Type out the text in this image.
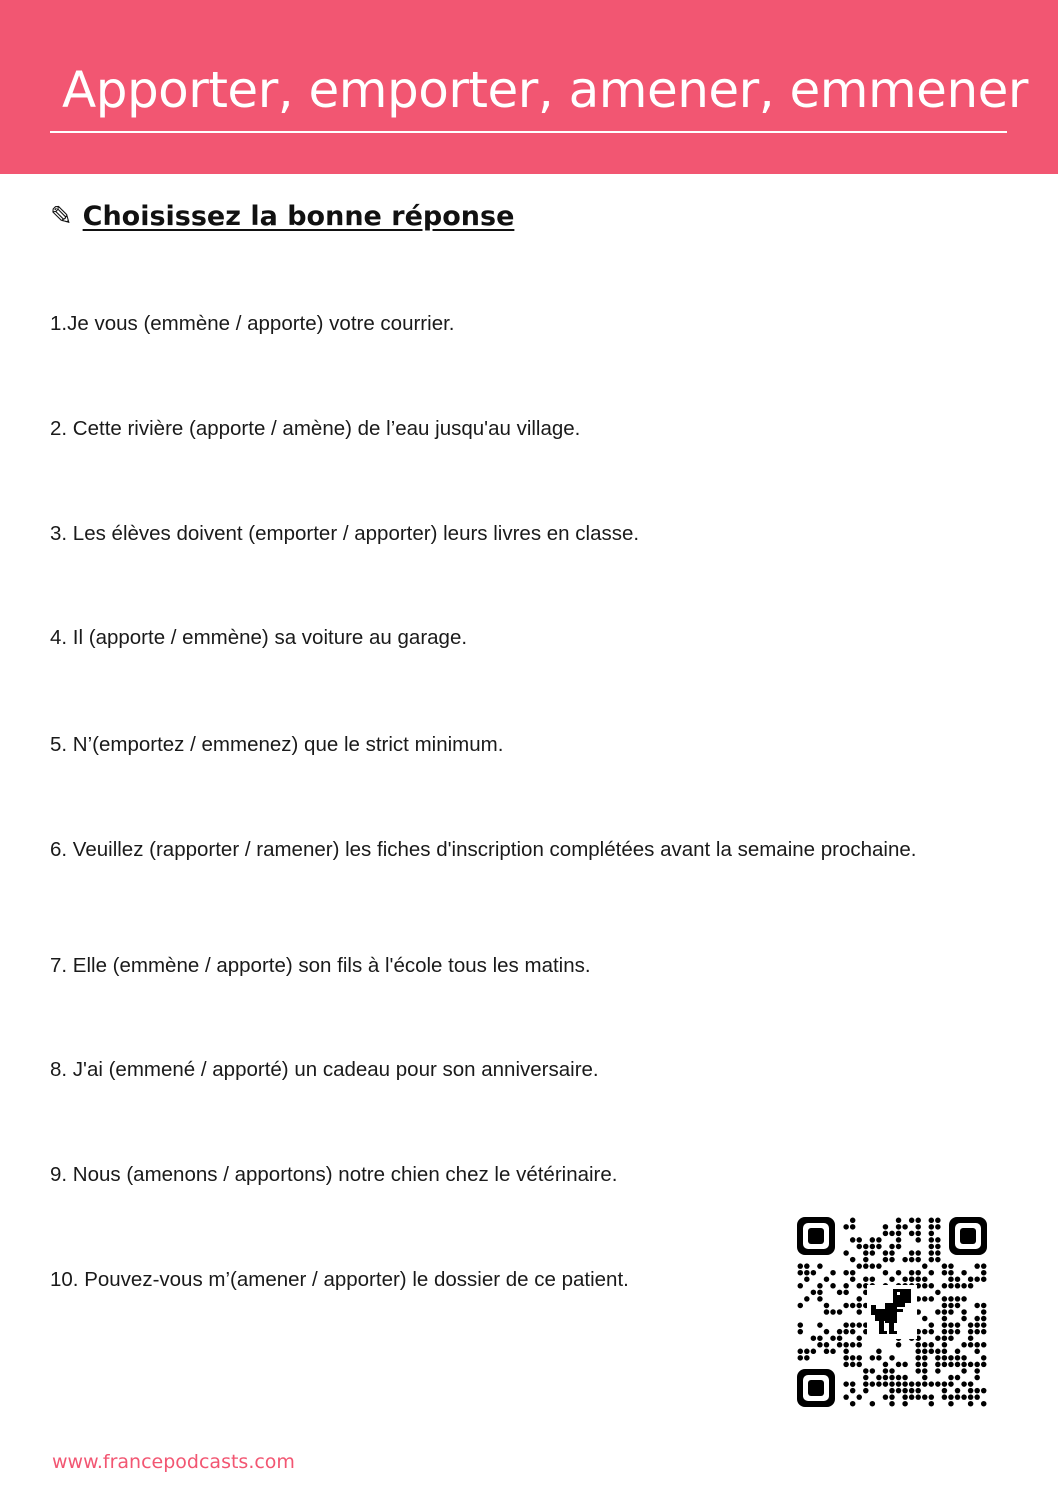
Apporter, emporter, amener, emmener
✎ Choisissez la bonne réponse

1.Je vous (emmène / apporte) votre courrier.

2. Cette rivière (apporte / amène) de l’eau jusqu'au village.

3. Les élèves doivent (emporter / apporter) leurs livres en classe.

4. Il (apporte / emmène) sa voiture au garage.

5. N’(emportez / emmenez) que le strict minimum.

6. Veuillez (rapporter / ramener) les fiches d'inscription complétées avant la semaine prochaine.

7. Elle (emmène / apporte) son fils à l'école tous les matins.

8. J'ai (emmené / apporté) un cadeau pour son anniversaire.

9. Nous (amenons / apportons) notre chien chez le vétérinaire.

10. Pouvez-vous m’(amener / apporter) le dossier de ce patient.

www.francepodcasts.com
